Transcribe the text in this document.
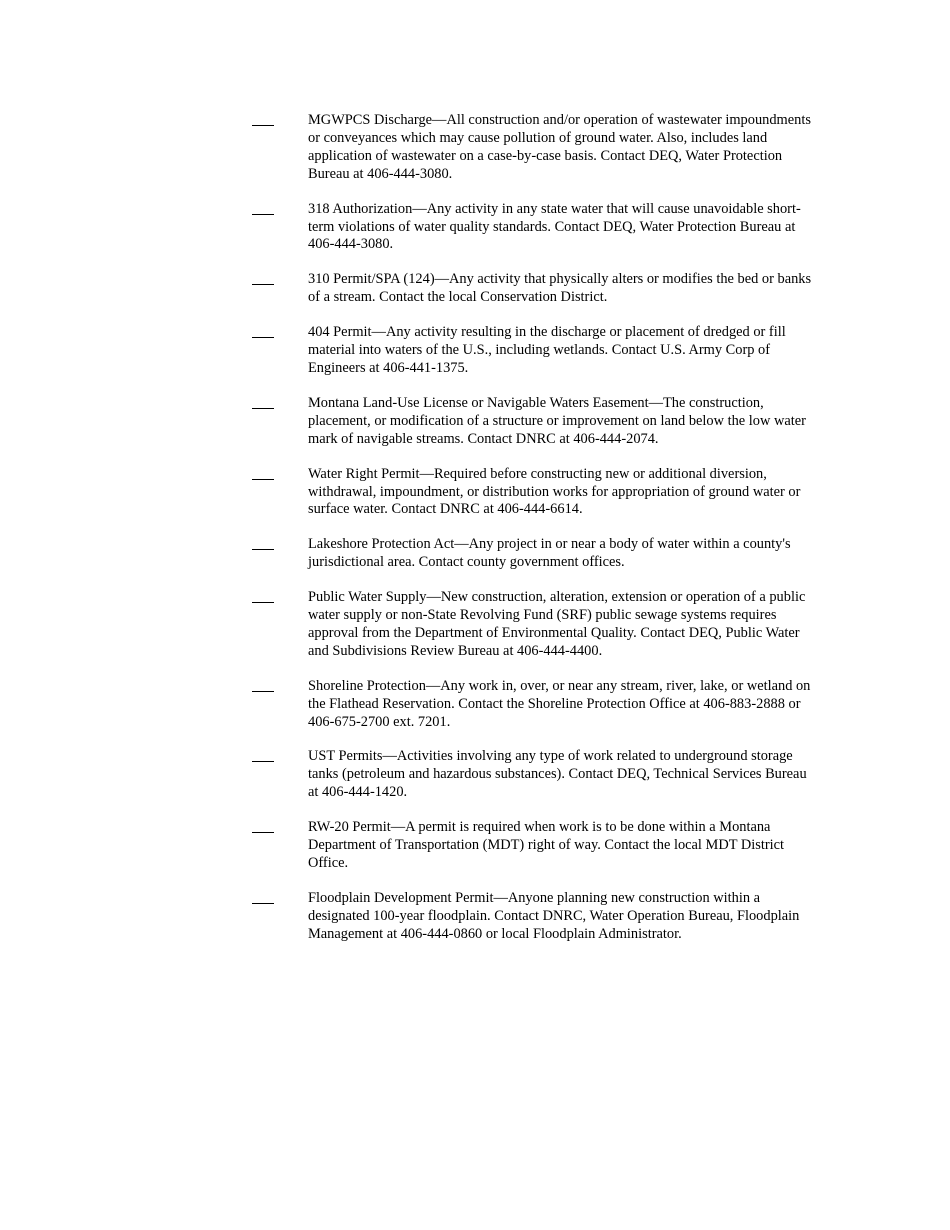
MGWPCS Discharge—All construction and/or operation of wastewater impoundments or conveyances which may cause pollution of ground water. Also, includes land application of wastewater on a case-by-case basis. Contact DEQ, Water Protection Bureau at 406-444-3080.
318 Authorization—Any activity in any state water that will cause unavoidable short-term violations of water quality standards. Contact DEQ, Water Protection Bureau at 406-444-3080.
310 Permit/SPA (124)—Any activity that physically alters or modifies the bed or banks of a stream. Contact the local Conservation District.
404 Permit—Any activity resulting in the discharge or placement of dredged or fill material into waters of the U.S., including wetlands. Contact U.S. Army Corp of Engineers at 406-441-1375.
Montana Land-Use License or Navigable Waters Easement—The construction, placement, or modification of a structure or improvement on land below the low water mark of navigable streams. Contact DNRC at 406-444-2074.
Water Right Permit—Required before constructing new or additional diversion, withdrawal, impoundment, or distribution works for appropriation of ground water or surface water. Contact DNRC at 406-444-6614.
Lakeshore Protection Act—Any project in or near a body of water within a county's jurisdictional area. Contact county government offices.
Public Water Supply—New construction, alteration, extension or operation of a public water supply or non-State Revolving Fund (SRF) public sewage systems requires approval from the Department of Environmental Quality. Contact DEQ, Public Water and Subdivisions Review Bureau at 406-444-4400.
Shoreline Protection—Any work in, over, or near any stream, river, lake, or wetland on the Flathead Reservation. Contact the Shoreline Protection Office at 406-883-2888 or 406-675-2700 ext. 7201.
UST Permits—Activities involving any type of work related to underground storage tanks (petroleum and hazardous substances). Contact DEQ, Technical Services Bureau at 406-444-1420.
RW-20 Permit—A permit is required when work is to be done within a Montana Department of Transportation (MDT) right of way. Contact the local MDT District Office.
Floodplain Development Permit—Anyone planning new construction within a designated 100-year floodplain. Contact DNRC, Water Operation Bureau, Floodplain Management at 406-444-0860 or local Floodplain Administrator.
